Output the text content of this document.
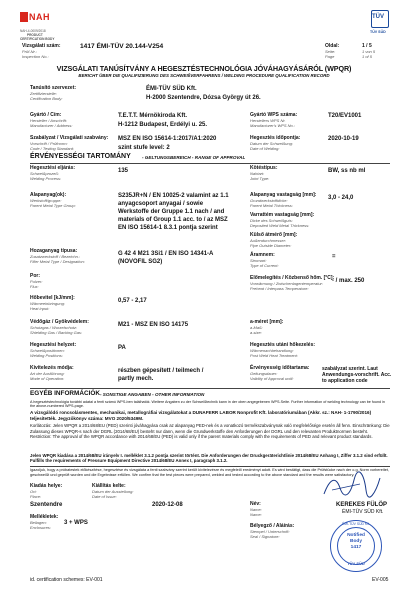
NAH
NAH-4-0009/2018
PRODUCT
CERTIFICATION BODY
TÜV
TÜV SÜD
Vizsgálati szám:
Prüf-Nr.:
Inspection No.:
1417 ÉMI-TÜV 20.144-V254	Oldal:
Seite:
Page
1 / 5
1 von 5
1 of 5
VIZSGÁLATI TANÚSÍTVÁNY A HEGESZTÉSTECHNOLÓGIA JÓVÁHAGYÁSÁRÓL (WPQR)
BERICHT ÜBER DIE QUALIFIZIERUNG DES SCHWEIßVERFAHRENS / WELDING PROCEDURE QUALIFICATION RECORD
Tanúsító szervezet:
Zertifizierstelle:
Certification Body:
ÉMI-TÜV SÜD Kft.
H-2000 Szentendre, Dózsa György út 26.
Gyártó / Cím:
Hersteller / Anschrift:
Manufacturer / Address:
T.E.T.T. Mérnökiroda Kft.
H-1212 Budapest, Erdélyi u. 25.
Szabályzat / Vizsgálati szabvány:
Vorschrift / Prüfnorm:
Code / Testing Standard:
MSZ EN ISO 15614-1:2017/A1:2020
szint stufe level: 2
Gyártó WPS száma:
Herstellers WPS Nr.
Manufacturer's WPS No.:
T20/EV1001
Hegesztés időpontja:
Datum der Schweißung:
Date of Welding:
2020-10-19
ÉRVÉNYESSÉGI TARTOMÁNY - GELTUNGSBEREICH - RANGE OF APPROVAL
Hegesztési eljárás:
Schweißprozeß:
Welding Process:
135
Alapanyag(ok):
Werkstoff/gruppe:
Parent Metal Type Group:
S235JR+N / EN 10025-2 valamint az 1.1
anyagcsoport anyagai / sowie
Werkstoffe der Gruppe 1.1 nach / and
materials of Group 1.1 acc. to / az MSZ
EN ISO 15614-1 8.3.1 pontja szerint
Hozaganyag típusa:
Zusatzwerkstoff / Bezeichn.:
Filler Metal Type / Designation:
G 42 4 M21 3Si1 / EN ISO 14341-A
(NOVOFIL SG2)
Por:
Pulver:
Flux:
Hőbevitel [kJ/mm]:
Wärmeeinbringung:
Heat input:
0,57 - 2,17
Védőgáz / Gyökvédelem:
Schutzgas / Wurzelschutz:
Shielding Gas / Backing Gas:
M21 - MSZ EN ISO 14175
Hegesztési helyzet:
Schweißpositionen:
Welding Positions:
PA
Kivitelezés módja:
Art der Ausführung:
Mode of Operation:
részben gépesített / teilmech /
partly mech.
Kötéstípus:
Nahtart:
Joint Type:
BW, ss nb ml
Alapanyag vastagság [mm]:
Grundwerkstoffdicke:
Parent Metal Thickness:
3,0 - 24,0
Varrattém vastagság [mm]:
Dicke des Schweißguts:
Deposited Weld Metal Thickness:
Külső átmérő [mm]:
Außendurchmesser:
Pipe Outside Diameter:
Áramnem:
Stromart:
Type of Current:
=
Előmelegítés / Közbenső hőm. [°C]:
Vorwärmung / Zwischenlagentemperatur:
Preheat / Interpass Temperature:
- / max. 250
a-méret [mm]:
a-Maß:
a-size:
Hegesztés utáni hőkezelés:
Wärmenachbehandlung:
Post Weld Heat Treatment:
Érvényesség időtartama:
Geltungsdauer:
Validity of Approval until:
szabályzat szerint. Laut Anwendungs-vorschrift. Acc. to application code
EGYÉB INFORMÁCIÓK - SONSTIGE ANGABEN - OTHER INFORMATION
A hegesztéstechnológia további adatai a fenti számú WPS-ben találhatók. Weitere Angaben zu der Schweißtechnik kann in der oben angegebenen WPS-Seite. Further information of welding technology can be found in the above-numbered WPS-page.
A vizsgálódó roncsolásmentes, mechanikai, metallográfiai vizsgálatokat a DUNAFERR LABOR Nonprofit Kft. laboratóriumában (Akkr. sz.: NAH- 1-1790/2016) teljesítették. Jegyzőkönyv száma: MVO 2020/5349M.
Korlátozás: Jelen WPQR a 2014/68/EU (PED) szerinti jóváhagyása csak az alapanyag PED-nek és a vonatkozó termékszabványnak való megfelelősége esetén áll fenn. Einschränkung: Die Zulassung dieses WPQR-s nach der DGRL (2014/68/EU) besteht nur dann, wenn die Grundwerkstoffe den Anforderungen der DGRL und den relevanten Produktnormen besteht. Restriction: The approval of the WPQR accordance with 2014/68/EU (PED) is valid only if the parent materials comply with the requirements of PED and relevant product standards.
Jelen WPQR kiadása a 2014/68/EU irányelv I. melléklet 3.1.2 pontja szerint történt. Die Anforderungen der Druckgeräterichtlinie 2014/68/EU Anhang I, Ziffer 3.1.2 sind erfüllt. Fulfills the requirements of Pressure Equipment Directive 2014/68/EU Annex I, paragraph 3.1.2.
Igazoljuk, hogy a próbatestek előkészítése, hegesztése és vizsgálata a fenti szabvány szerint került kivitelezésre és megfelelő eredményt adott. Es wird bestätigt, dass die Prüfstücke nach der o.g. Norm vorbereitet, geschweißt und geprüft wurden und die Ergebnisse erfüllen. We confirm that the test pieces were prepared, welded and tested according to the above standard and the results were satisfactory.
Kiadás helye:
Ort:
Place:
Szentendre
Kiállítás kelte:
Datum der Ausstellung:
Date of Issue:
2020-12-08	Név:
Name:
Name:
KEREKES FÜLÖP
ÉMI-TÜV SÜD Kft.
Mellékletek:
Beilagen:
Enclosures:
3 + WPS	Bélyegző / Aláírás:
Stempel / Unterschrift:
Seal / Signature:	Notified
Body
1417
TÜV SÜD
ÉMI-TÜV SÜD Kft.
id. certification schemes: EV-001	EV-005
